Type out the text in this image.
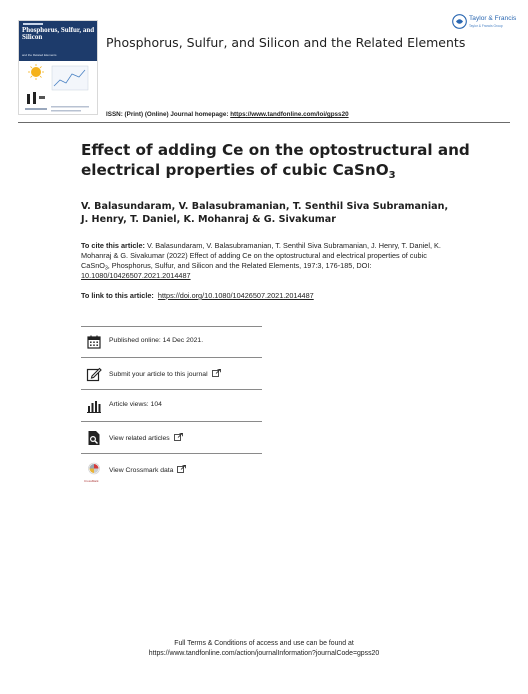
Phosphorus, Sulfur, and Silicon
and the Related Elements
Phosphorus, Sulfur, and Silicon and the Related Elements
Taylor & Francis
Taylor & Francis Group
ISSN: (Print) (Online) Journal homepage: https://www.tandfonline.com/loi/gpss20
Effect of adding Ce on the optostructural and
electrical properties of cubic CaSnO$_3$
V. Balasundaram, V. Balasubramanian, T. Senthil Siva Subramanian, J. Henry, T. Daniel, K. Mohanraj & G. Sivakumar
To cite this article: V. Balasundaram, V. Balasubramanian, T. Senthil Siva Subramanian, J. Henry, T. Daniel, K. Mohanraj & G. Sivakumar (2022) Effect of adding Ce on the optostructural and electrical properties of cubic CaSnO$_3$, Phosphorus, Sulfur, and Silicon and the Related Elements, 197:3, 176-185, DOI: 10.1080/10426507.2021.2014487
To link to this article: https://doi.org/10.1080/10426507.2021.2014487
Published online: 14 Dec 2021.
Submit your article to this journal
Article views: 104
View related articles
CrossMark
View Crossmark data
Full Terms & Conditions of access and use can be found at
https://www.tandfonline.com/action/journalInformation?journalCode=gpss20
